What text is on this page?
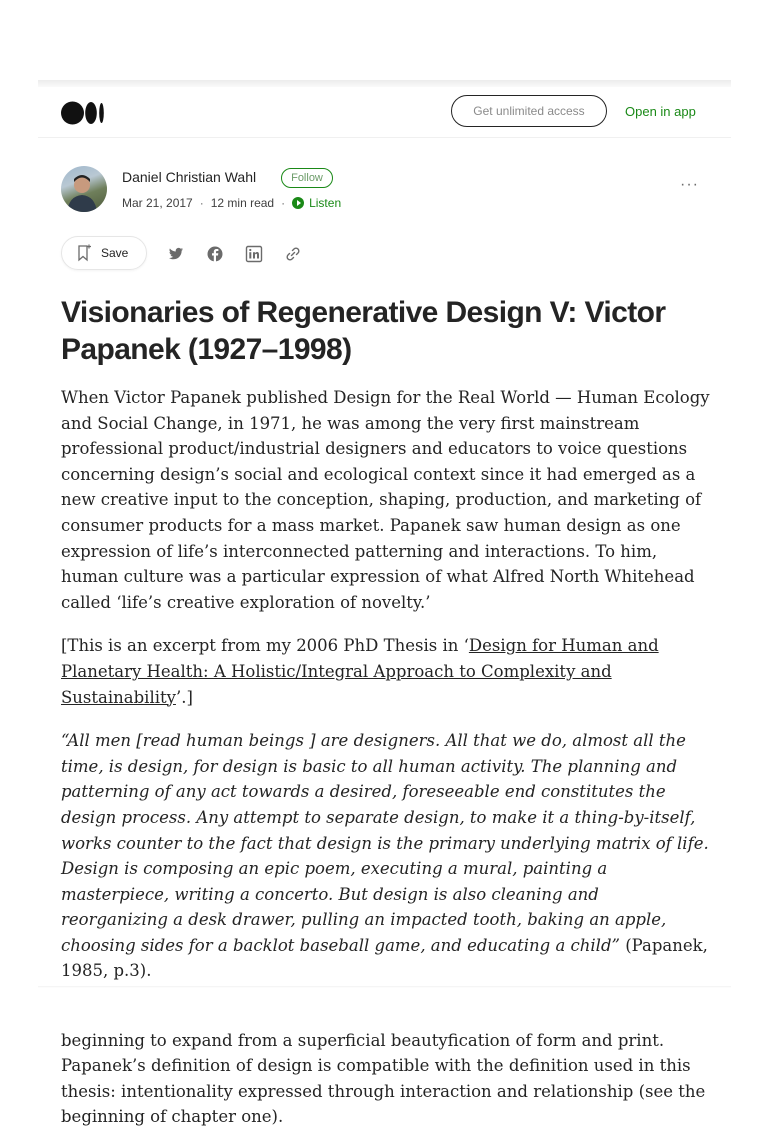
Get unlimited access	Open in app
Daniel Christian Wahl	Follow
Mar 21, 2017 · 12 min read · Listen
···
Save
Visionaries of Regenerative Design V: Victor Papanek (1927–1998)

When Victor Papanek published Design for the Real World — Human Ecology and Social Change, in 1971, he was among the very first mainstream professional product/industrial designers and educators to voice questions concerning design’s social and ecological context since it had emerged as a new creative input to the conception, shaping, production, and marketing of consumer products for a mass market. Papanek saw human design as one expression of life’s interconnected patterning and interactions. To him, human culture was a particular expression of what Alfred North Whitehead called ‘life’s creative exploration of novelty.’

[This is an excerpt from my 2006 PhD Thesis in ‘Design for Human and Planetary Health: A Holistic/Integral Approach to Complexity and Sustainability’.]

“All men [read human beings ] are designers. All that we do, almost all the time, is design, for design is basic to all human activity. The planning and patterning of any act towards a desired, foreseeable end constitutes the design process. Any attempt to separate design, to make it a thing-by-itself, works counter to the fact that design is the primary underlying matrix of life. Design is composing an epic poem, executing a mural, painting a masterpiece, writing a concerto. But design is also cleaning and reorganizing a desk drawer, pulling an impacted tooth, baking an apple, choosing sides for a backlot baseball game, and educating a child” (Papanek, 1985, p.3).

beginning to expand from a superficial beautyfication of form and print. Papanek’s definition of design is compatible with the definition used in this thesis: intentionality expressed through interaction and relationship (see the beginning of chapter one).
